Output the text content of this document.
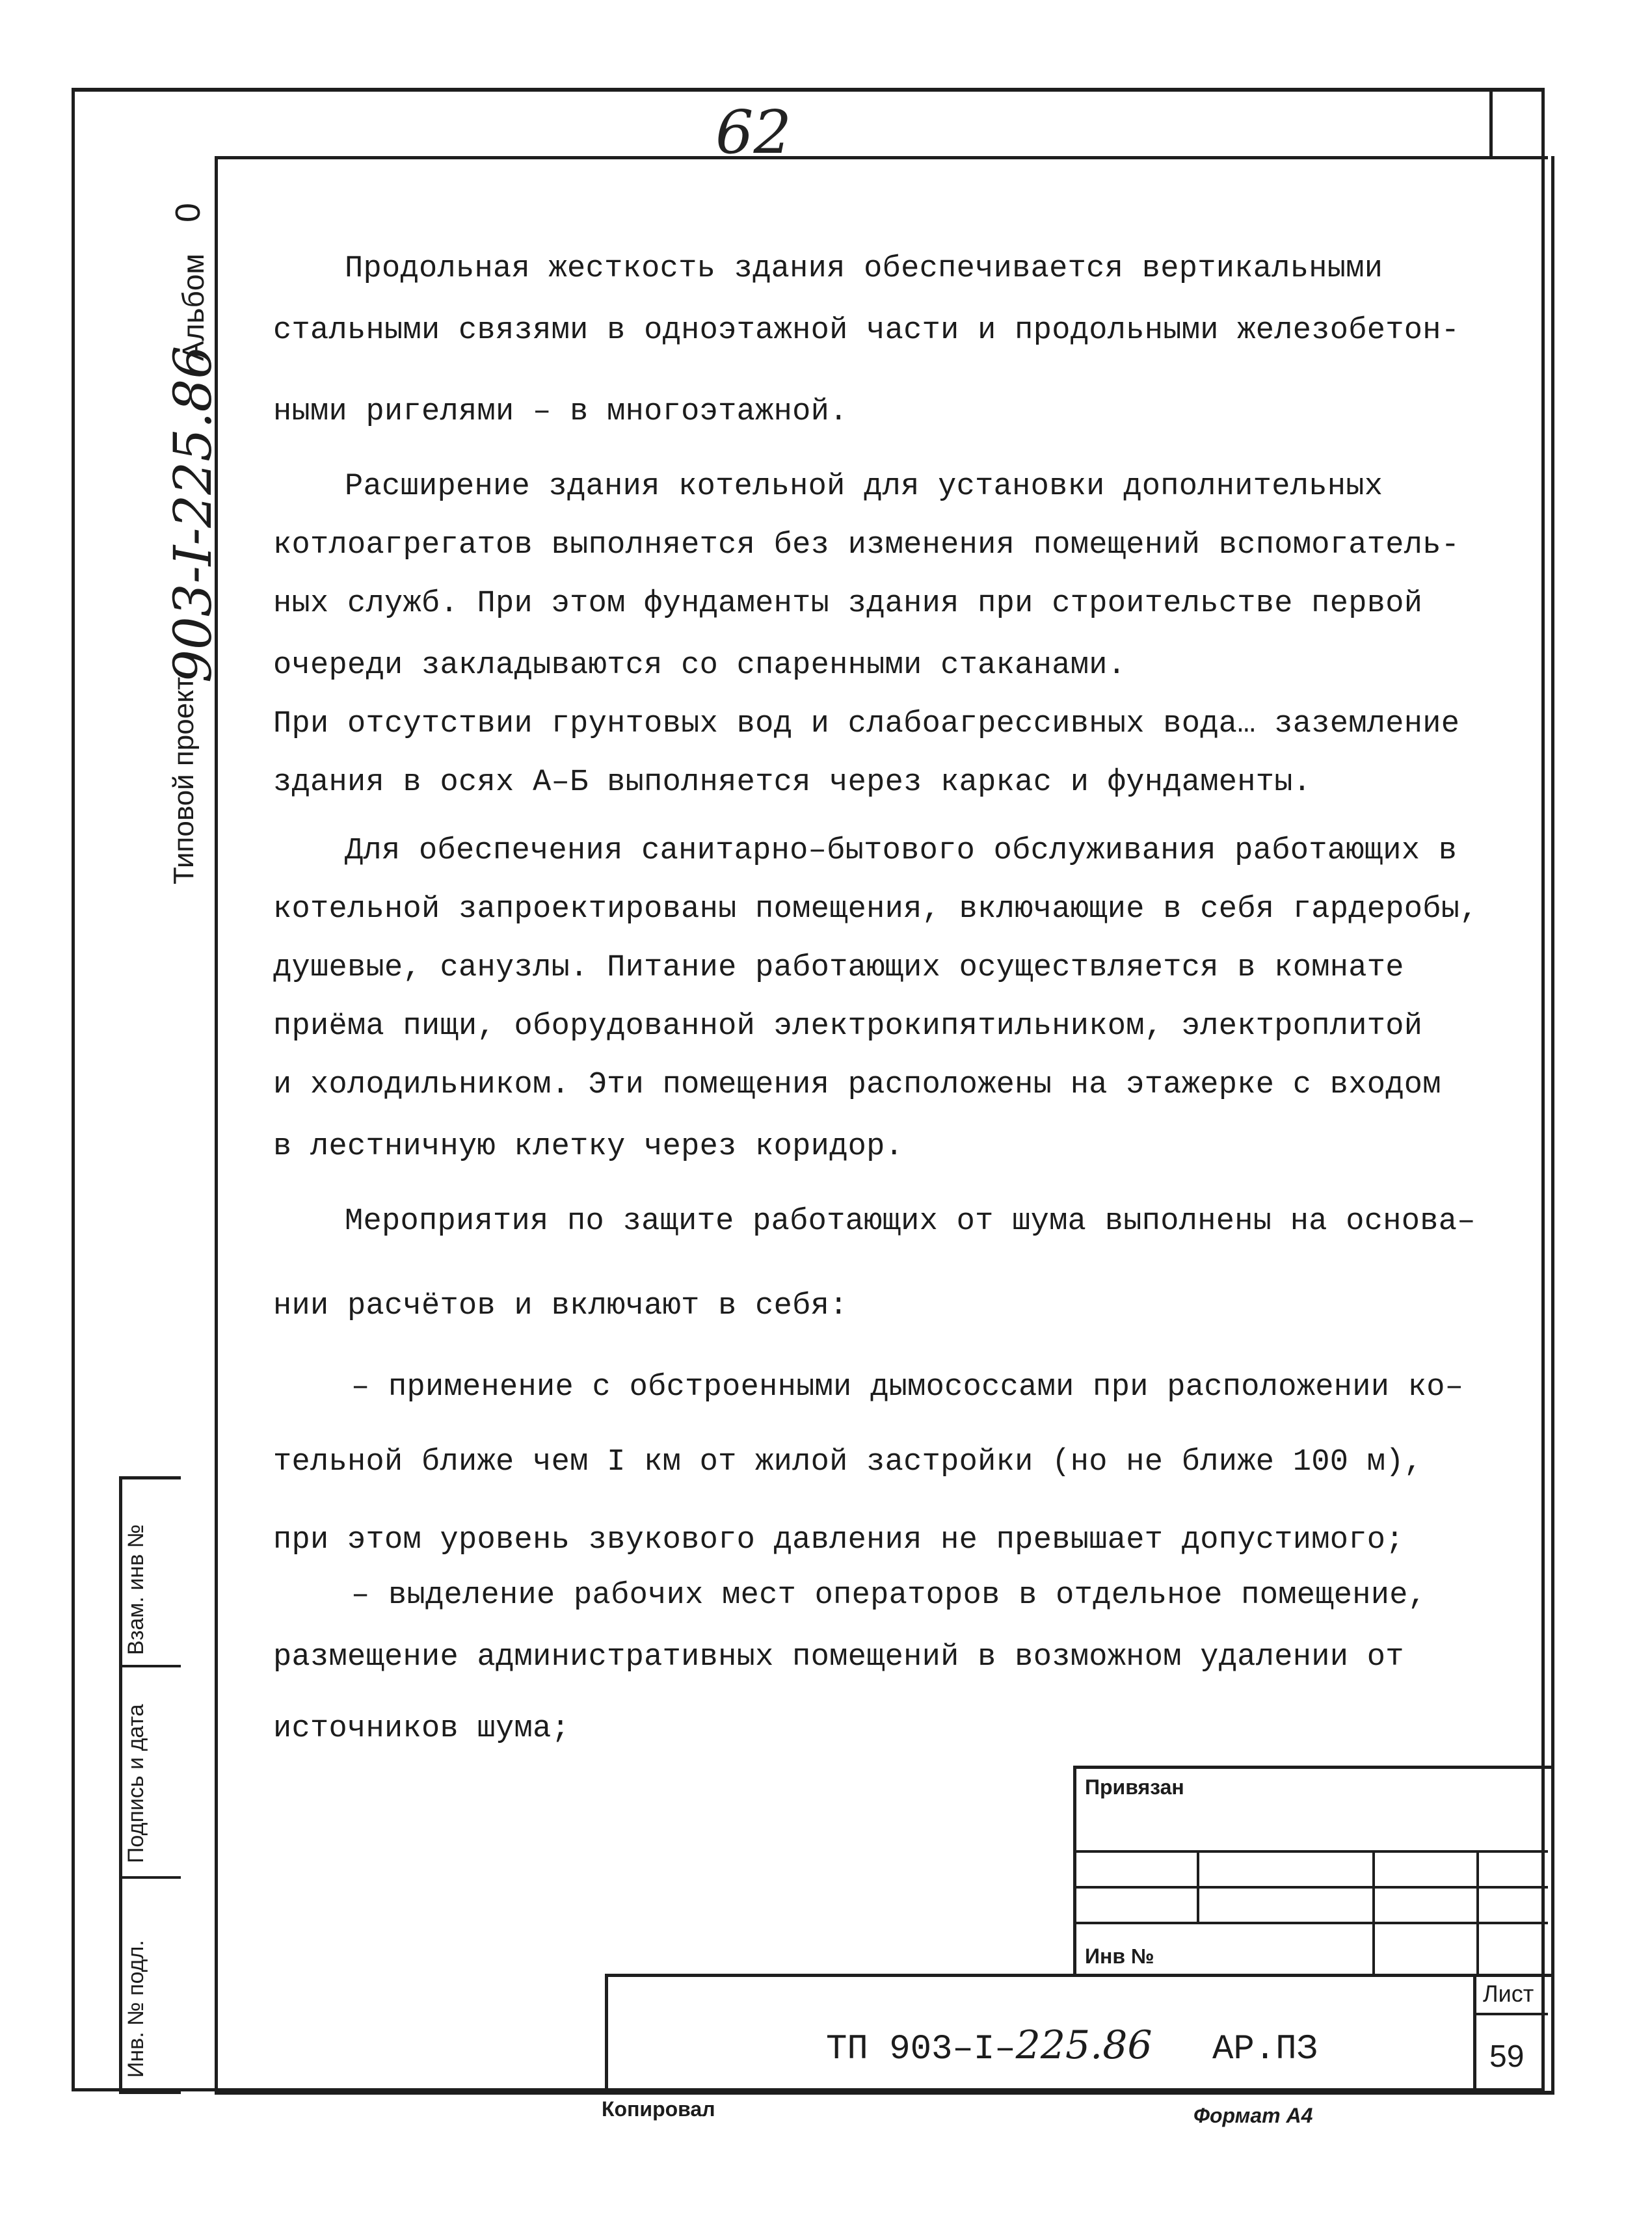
62
Альбом
0
Типовой проект
903-I-225.86
Взам. инв №
Подпись и дата
Инв. № подл.
Продольная жесткость здания обеспечивается вертикальными
стальными связями в одноэтажной части и продольными железобетон-
ными ригелями – в многоэтажной.
Расширение здания котельной для установки дополнительных
котлоагрегатов выполняется без изменения помещений вспомогатель-
ных служб. При этом фундаменты здания при строительстве первой
очереди закладываются со спаренными стаканами.
При отсутствии грунтовых вод и слабоагрессивных вода… заземление
здания в осях А–Б выполняется через каркас и фундаменты.
Для обеспечения санитарно–бытового обслуживания работающих в
котельной запроектированы помещения, включающие в себя гардеробы,
душевые, санузлы. Питание работающих осуществляется в комнате
приёма пищи, оборудованной электрокипятильником, электроплитой
и холодильником. Эти помещения расположены на этажерке с входом
в лестничную клетку через коридор.
Мероприятия по защите работающих от шума выполнены на основа–
нии расчётов и включают в себя:
– применение с обстроенными дымососсами при расположении ко–
тельной ближе чем I км от жилой застройки (но не ближе 100 м),
при этом уровень звукового давления не превышает допустимого;
– выделение рабочих мест операторов в отдельное помещение,
размещение административных помещений в возможном удалении от
источников шума;
Привязан
Инв №
Лист
59
ТП 903–I–225.86 АР.ПЗ
Копировал	Формат А4
